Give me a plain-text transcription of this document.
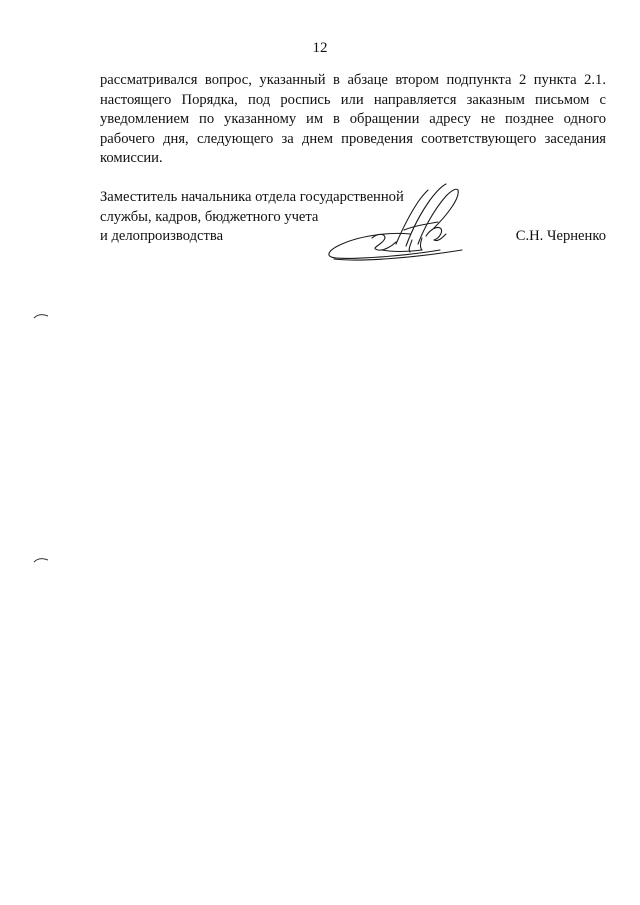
12

рассматривался вопрос, указанный в абзаце втором подпункта 2 пункта 2.1.
настоящего Порядка, под роспись или направляется заказным письмом с
уведомлением по указанному им в обращении адресу не позднее одного
рабочего дня, следующего за днем проведения соответствующего заседания
комиссии.

Заместитель начальника отдела государственной
службы, кадров, бюджетного учета
и делопроизводства	С.Н. Черненко
